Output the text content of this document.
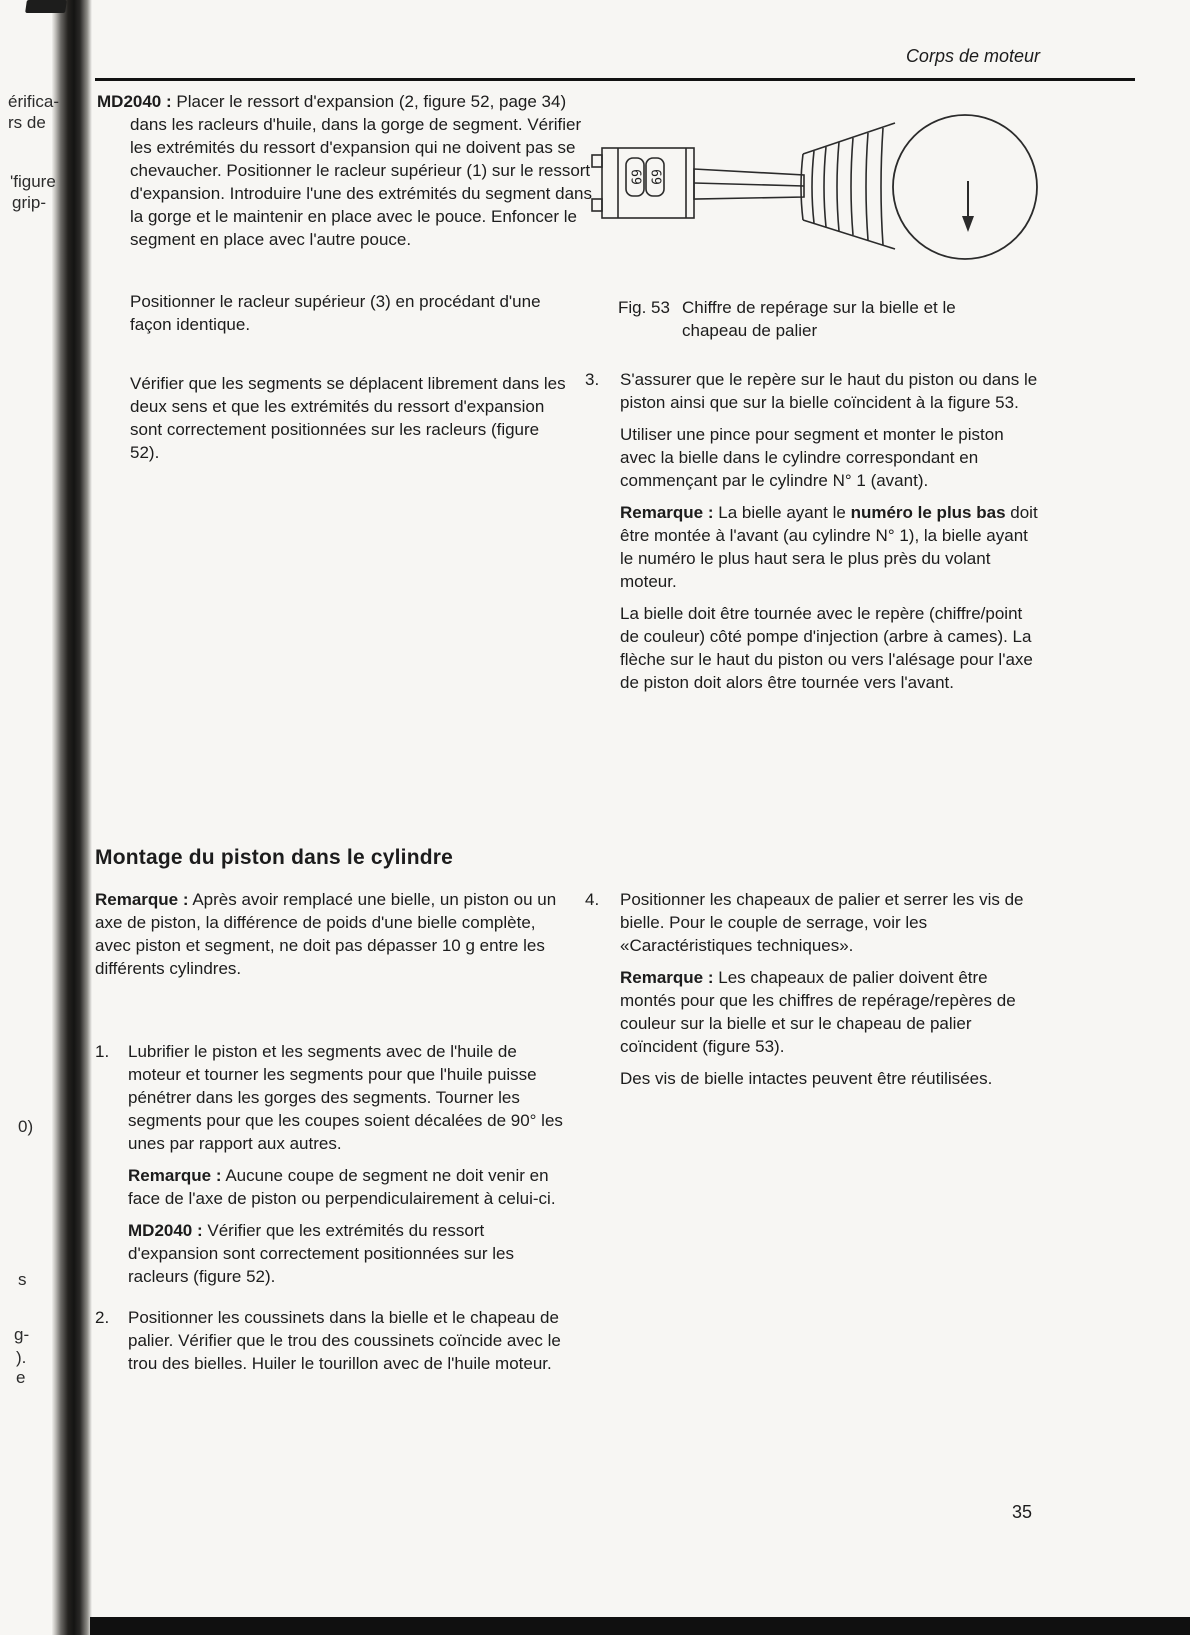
érifica-
rs de
'figure
grip-
0)
s
g-
).
e
Corps de moteur
MD2040 : Placer le ressort d'expansion (2, figure 52, page 34) dans les racleurs d'huile, dans la gorge de segment. Vérifier les extrémités du ressort d'expansion qui ne doivent pas se chevaucher. Positionner le racleur supérieur (1) sur le ressort d'expansion. Introduire l'une des extrémités du segment dans la gorge et le maintenir en place avec le pouce. Enfoncer le segment en place avec l'autre pouce.
Positionner le racleur supérieur (3) en procédant d'une façon identique.
Vérifier que les segments se déplacent librement dans les deux sens et que les extrémités du ressort d'expansion sont correctement positionnées sur les racleurs (figure 52).
Montage du piston dans le cylindre
Remarque : Après avoir remplacé une bielle, un piston ou un axe de piston, la différence de poids d'une bielle complète, avec piston et segment, ne doit pas dépasser 10 g entre les différents cylindres.
1.	Lubrifier le piston et les segments avec de l'huile de moteur et tourner les segments pour que l'huile puisse pénétrer dans les gorges des segments. Tourner les segments pour que les coupes soient décalées de 90° les unes par rapport aux autres.
Remarque : Aucune coupe de segment ne doit venir en face de l'axe de piston ou perpendiculairement à celui-ci.
MD2040 : Vérifier que les extrémités du ressort d'expansion sont correctement positionnées sur les racleurs (figure 52).
2.	Positionner les coussinets dans la bielle et le chapeau de palier. Vérifier que le trou des coussinets coïncide avec le trou des bielles. Huiler le tourillon avec de l'huile moteur.
69 69
Fig. 53 Chiffre de repérage sur la bielle et le chapeau de palier
3.	S'assurer que le repère sur le haut du piston ou dans le piston ainsi que sur la bielle coïncident à la figure 53.
Utiliser une pince pour segment et monter le piston avec la bielle dans le cylindre correspondant en commençant par le cylindre N° 1 (avant).
Remarque : La bielle ayant le numéro le plus bas doit être montée à l'avant (au cylindre N° 1), la bielle ayant le numéro le plus haut sera le plus près du volant moteur.
La bielle doit être tournée avec le repère (chiffre/point de couleur) côté pompe d'injection (arbre à cames). La flèche sur le haut du piston ou vers l'alésage pour l'axe de piston doit alors être tournée vers l'avant.
4.	Positionner les chapeaux de palier et serrer les vis de bielle. Pour le couple de serrage, voir les «Caractéristiques techniques».
Remarque : Les chapeaux de palier doivent être montés pour que les chiffres de repérage/repères de couleur sur la bielle et sur le chapeau de palier coïncident (figure 53).
Des vis de bielle intactes peuvent être réutilisées.
35
